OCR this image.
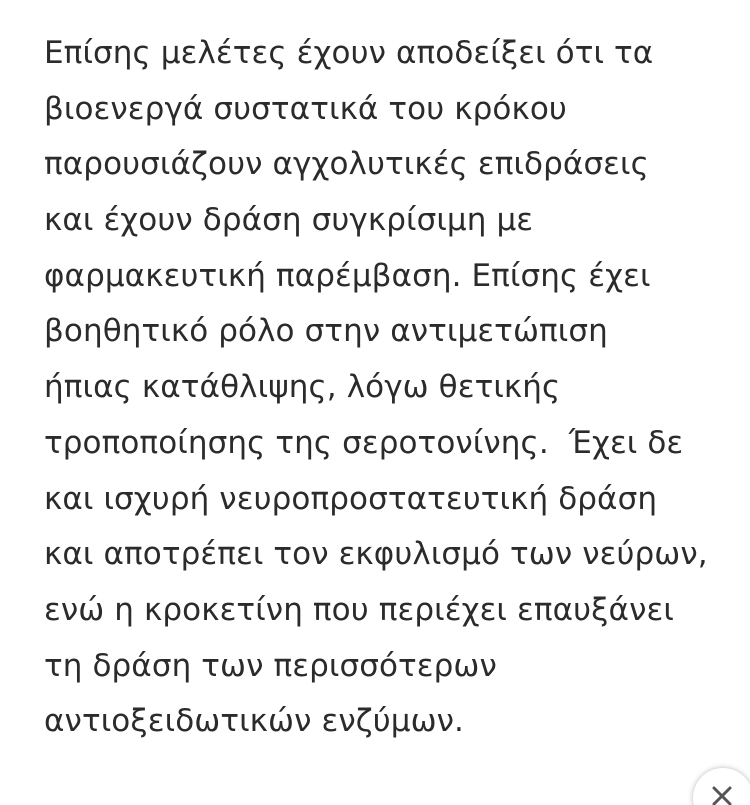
Επίσης μελέτες έχουν αποδείξει ότι τα
βιοενεργά συστατικά του κρόκου
παρουσιάζουν αγχολυτικές επιδράσεις
και έχουν δράση συγκρίσιμη με
φαρμακευτική παρέμβαση. Επίσης έχει
βοηθητικό ρόλο στην αντιμετώπιση
ήπιας κατάθλιψης, λόγω θετικής
τροποποίησης της σεροτονίνης.  Έχει δε
και ισχυρή νευροπροστατευτική δράση
και αποτρέπει τον εκφυλισμό των νεύρων,
ενώ η κροκετίνη που περιέχει επαυξάνει
τη δράση των περισσότερων
αντιοξειδωτικών ενζύμων.
